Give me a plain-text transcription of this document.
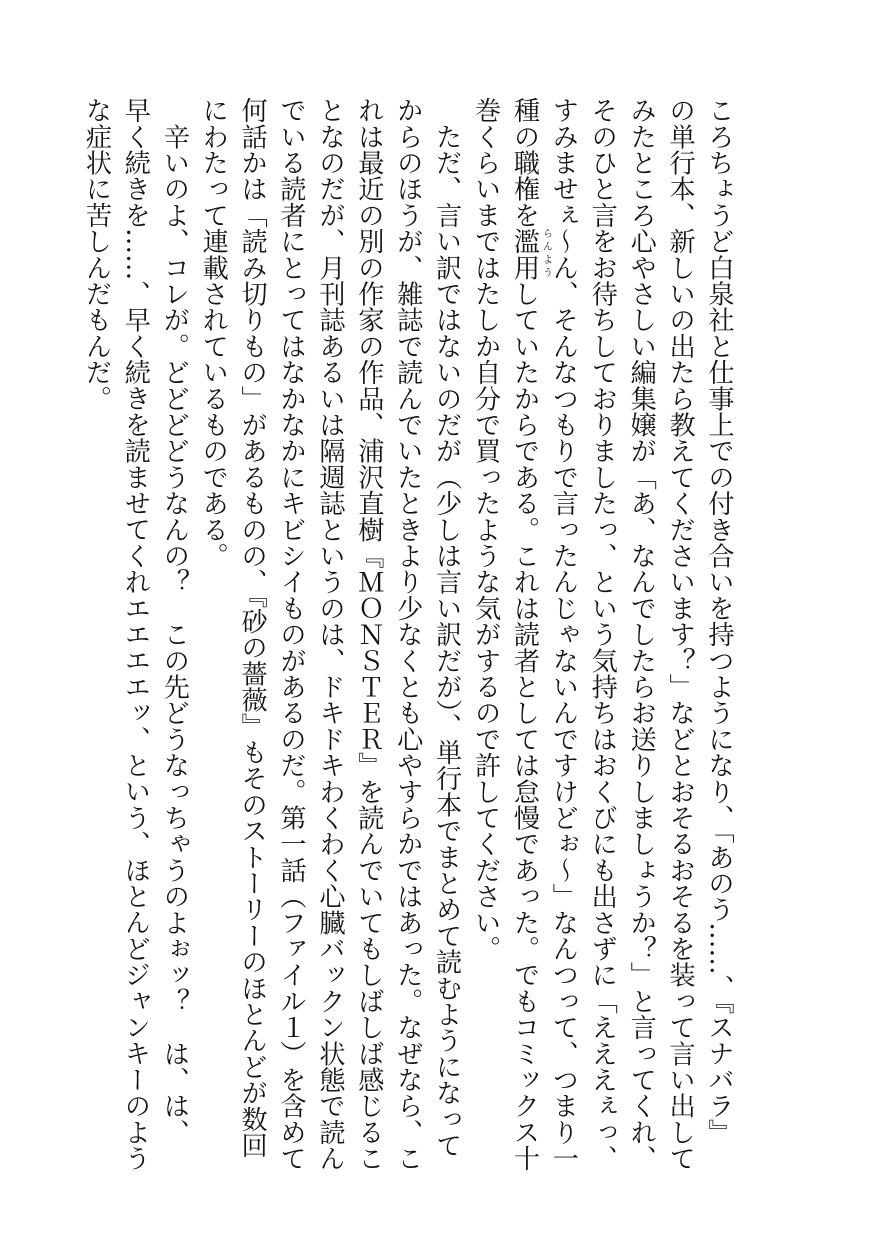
ころちょうど白泉社と仕事上での付き合いを持つようになり、「あのう……、『スナバラ』
の単行本、新しいの出たら教えてくださいます？」などとおそるおそるを装って言い出して
みたところ心やさしい編集嬢が「あ、なんでしたらお送りしましょうか？」と言ってくれ、
そのひと言をお待ちしておりましたっ、という気持ちはおくびにも出さずに「えええぇっ、
すみませぇ〜ん、そんなつもりで言ったんじゃないんですけどぉ〜」なんつって、つまり一
種の職権を濫用 らんよう
していたからである。これは読者としては怠慢であった。でもコミックス十
巻くらいまではたしか自分で買ったような気がするので許してください。
　ただ、言い訳ではないのだが（少しは言い訳だが）、単行本でまとめて読むようになって
からのほうが、雑誌で読んでいたときより少なくとも心やすらかではあった。なぜなら、こ
れは最近の別の作家の作品、浦沢直樹『ＭＯＮＳＴＥＲ』を読んでいてもしばしば感じるこ
となのだが、月刊誌あるいは隔週誌というのは、ドキドキわくわく心臓バックン状態で読ん
でいる読者にとってはなかなかにキビシイものがあるのだ。第一話（ファイル１）を含めて
何話かは「読み切りもの」があるものの、『砂の薔薇』もそのストーリーのほとんどが数回
にわたって連載されているものである。
　辛いのよ、コレが。どどどどうなんの？　この先どうなっちゃうのよぉッ？　は、は、
早く続きを……、早く続きを読ませてくれエエエエッ、という、ほとんどジャンキーのよう
な症状に苦しんだもんだ。
